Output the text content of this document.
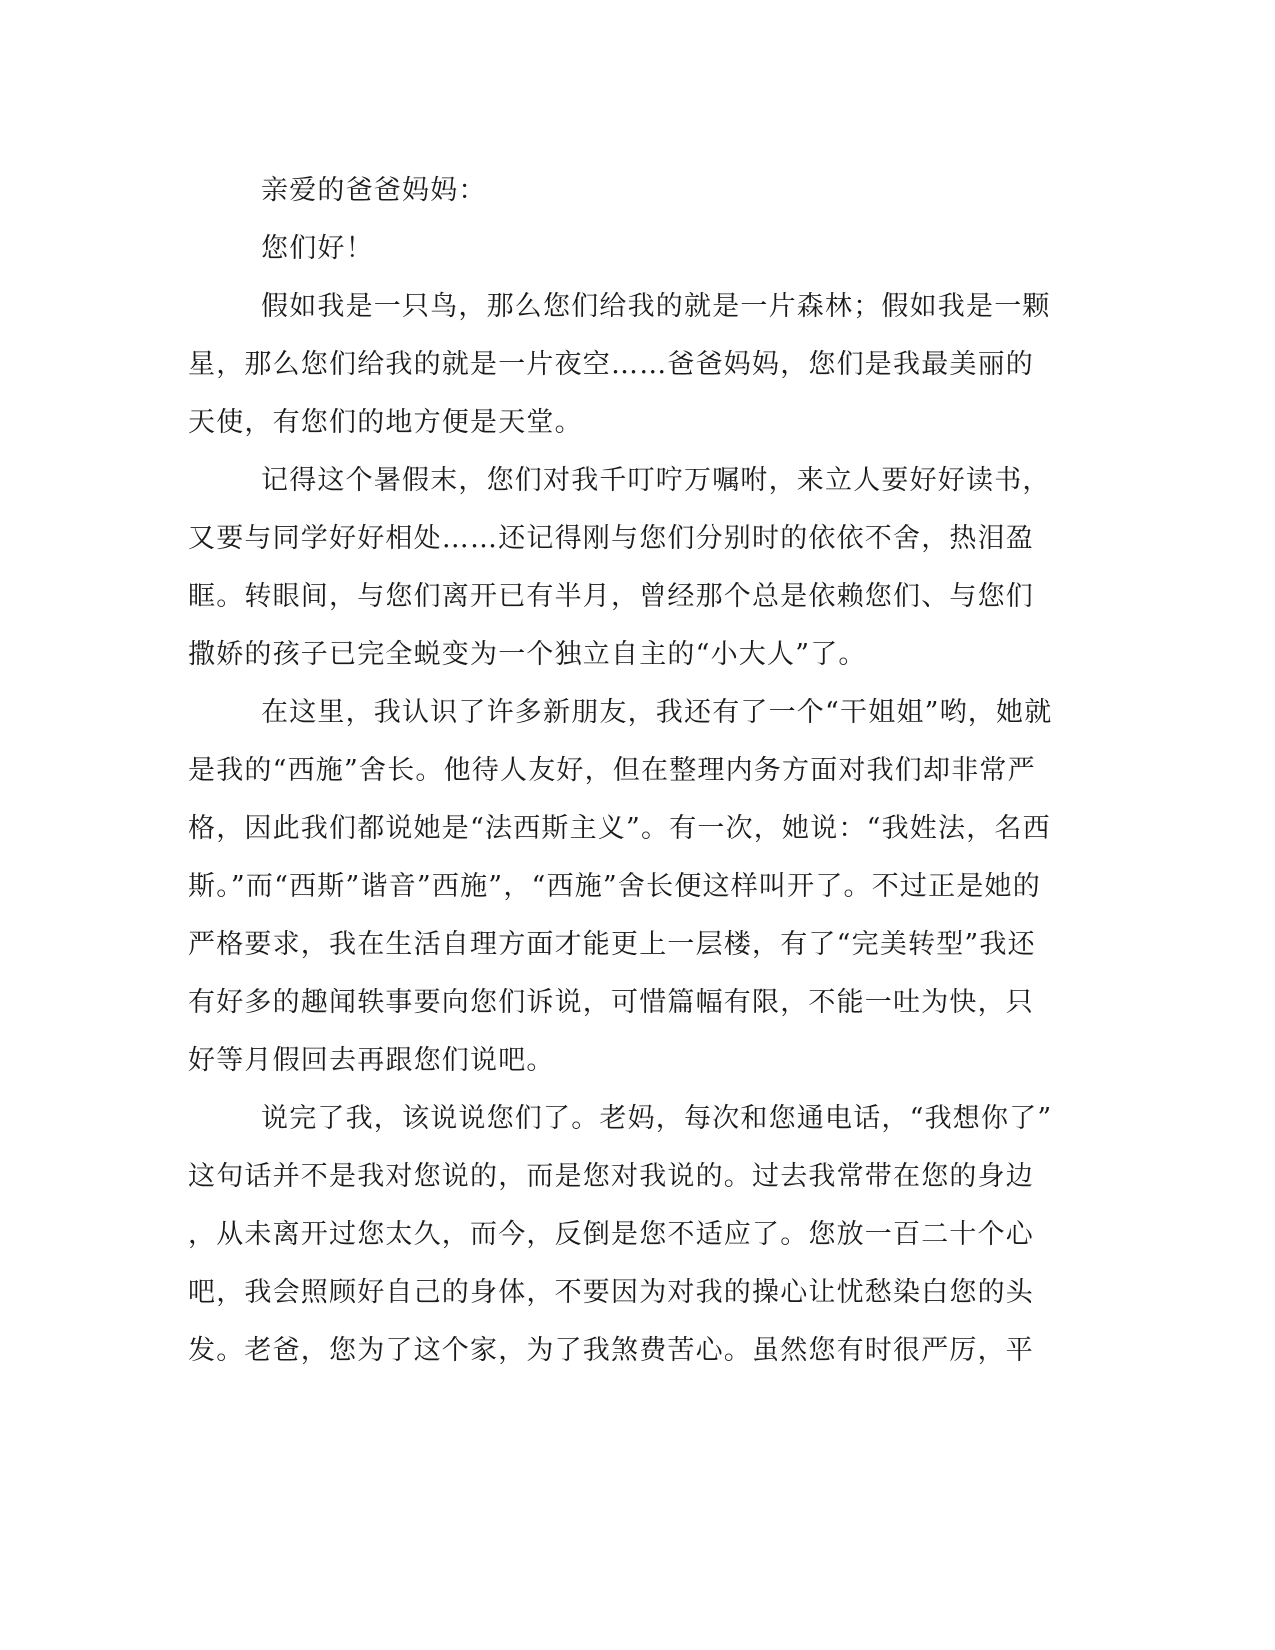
亲爱的爸爸妈妈：
您们好！
假如我是一只鸟，那么您们给我的就是一片森林；假如我是一颗
星，那么您们给我的就是一片夜空……爸爸妈妈，您们是我最美丽的
天使，有您们的地方便是天堂。
记得这个暑假末，您们对我千叮咛万嘱咐，来立人要好好读书，
又要与同学好好相处……还记得刚与您们分别时的依依不舍，热泪盈
眶。转眼间，与您们离开已有半月，曾经那个总是依赖您们、与您们
撒娇的孩子已完全蜕变为一个独立自主的“小大人”了。
在这里，我认识了许多新朋友，我还有了一个“干姐姐”哟，她就
是我的“西施”舍长。他待人友好，但在整理内务方面对我们却非常严
格，因此我们都说她是“法西斯主义”。有一次，她说：“我姓法，名西
斯。”而“西斯”谐音”西施”，“西施”舍长便这样叫开了。不过正是她的
严格要求，我在生活自理方面才能更上一层楼，有了“完美转型”我还
有好多的趣闻轶事要向您们诉说，可惜篇幅有限，不能一吐为快，只
好等月假回去再跟您们说吧。
说完了我，该说说您们了。老妈，每次和您通电话，“我想你了”
这句话并不是我对您说的，而是您对我说的。过去我常带在您的身边
，从未离开过您太久，而今，反倒是您不适应了。您放一百二十个心
吧，我会照顾好自己的身体，不要因为对我的操心让忧愁染白您的头
发。老爸，您为了这个家，为了我煞费苦心。虽然您有时很严厉，平
